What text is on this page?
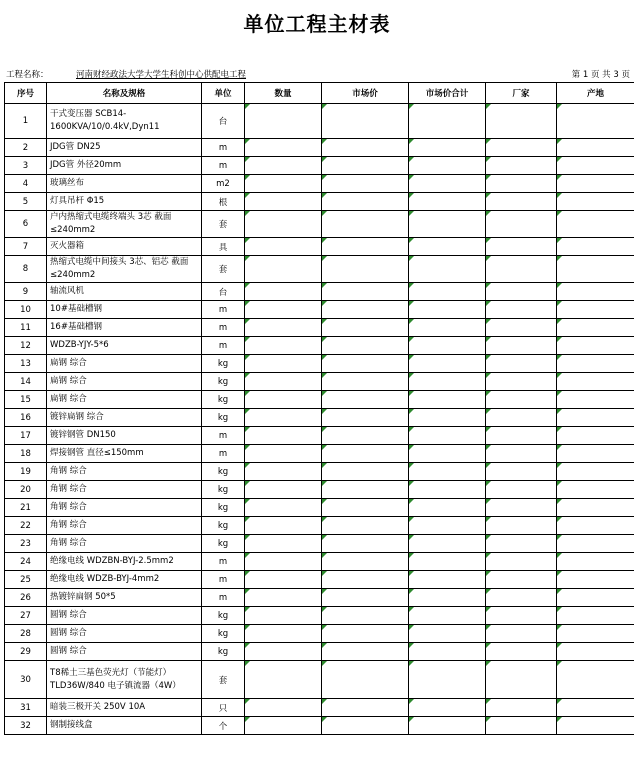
单位工程主材表
工程名称：	河南财经政法大学大学生科创中心供配电工程	第 1 页 共 3 页
序号	名称及规格	单位	数量	市场价	市场价合计	厂家	产地
1	干式变压器 SCB14-1600KVA/10/0.4kV,Dyn11	台					
2	JDG管 DN25	m					
3	JDG管 外径20mm	m					
4	玻璃丝布	m2					
5	灯具吊杆 Φ15	根					
6	户内热缩式电缆终端头 3芯 截面≤240mm2	套					
7	灭火器箱	具					
8	热缩式电缆中间接头 3芯、铝芯 截面≤240mm2	套					
9	轴流风机	台					
10	10#基础槽钢	m					
11	16#基础槽钢	m					
12	WDZB-YJY-5*6	m					
13	扁钢 综合	kg					
14	扁钢 综合	kg					
15	扁钢 综合	kg					
16	镀锌扁钢 综合	kg					
17	镀锌钢管 DN150	m					
18	焊接钢管 直径≤150mm	m					
19	角钢 综合	kg					
20	角钢 综合	kg					
21	角钢 综合	kg					
22	角钢 综合	kg					
23	角钢 综合	kg					
24	绝缘电线 WDZBN-BYJ-2.5mm2	m					
25	绝缘电线 WDZB-BYJ-4mm2	m					
26	热镀锌扁钢 50*5	m					
27	圆钢 综合	kg					
28	圆钢 综合	kg					
29	圆钢 综合	kg					
30	T8稀土三基色荧光灯（节能灯）TLD36W/840 电子镇流器（4W）	套					
31	暗装三极开关 250V 10A	只					
32	钢制接线盒	个					
